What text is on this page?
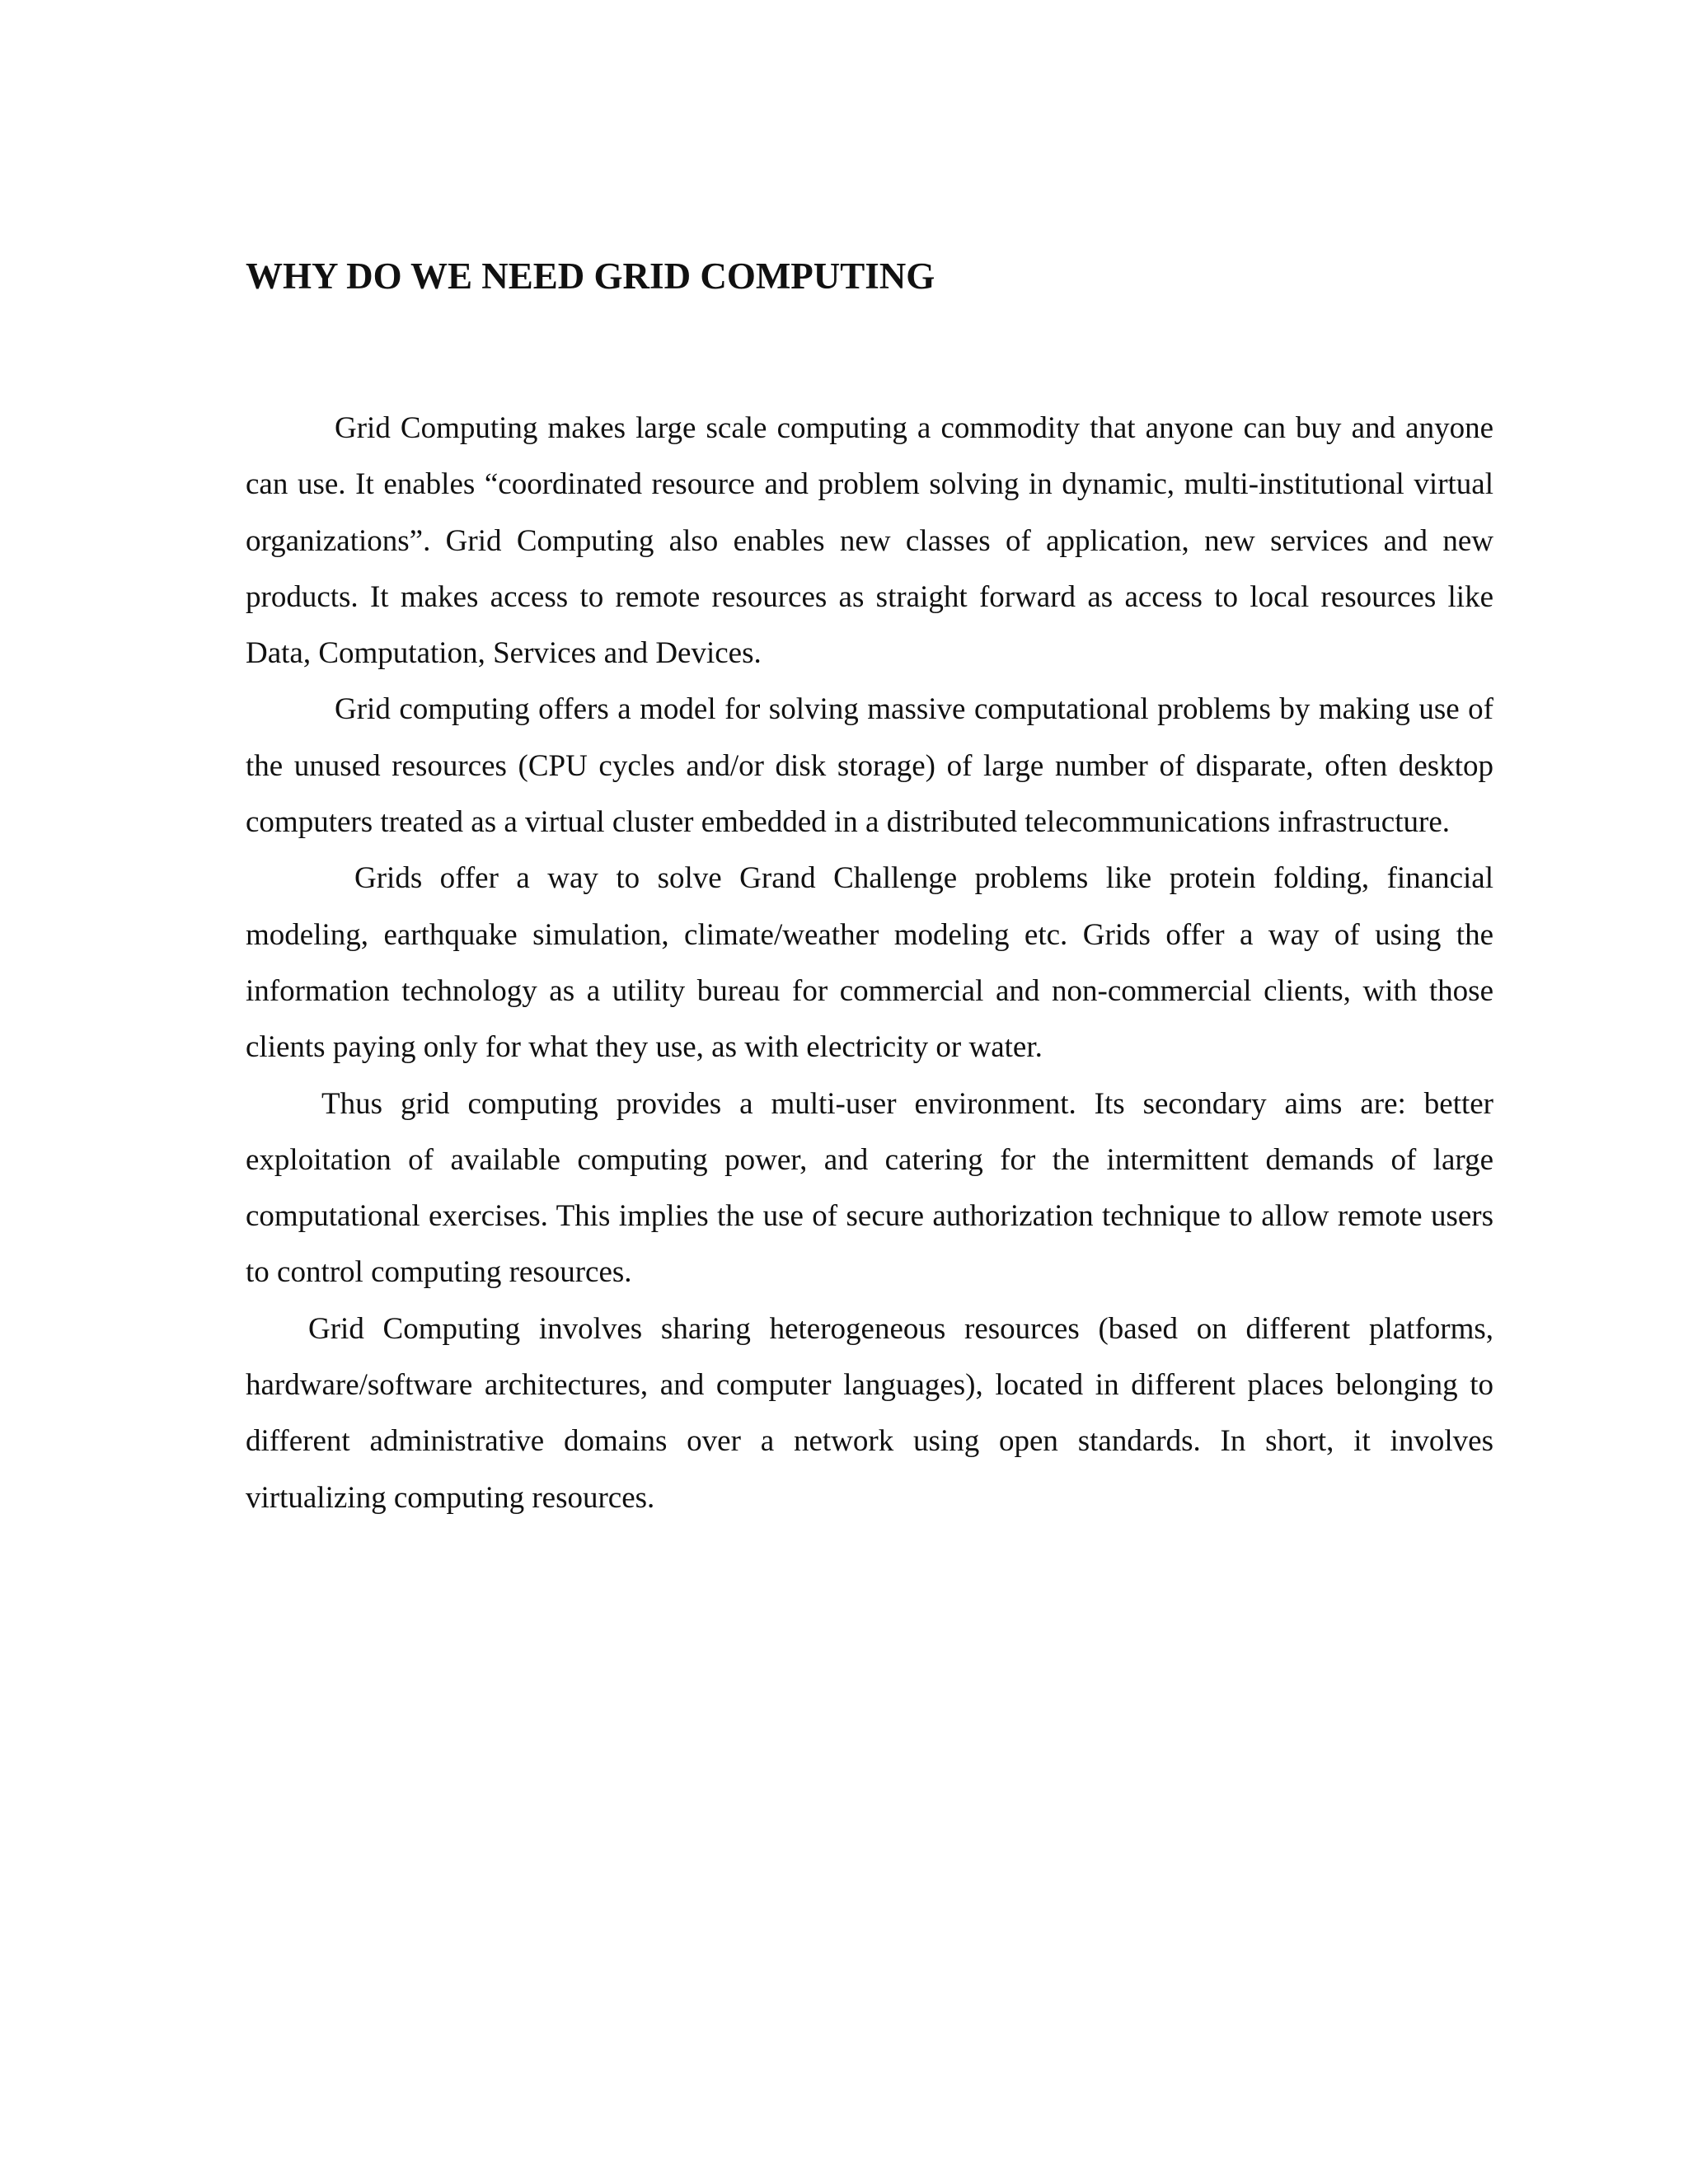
WHY DO WE NEED GRID COMPUTING

Grid Computing makes large scale computing a commodity that anyone can buy and anyone can use. It enables “coordinated resource and problem solving in dynamic, multi-institutional virtual organizations”. Grid Computing also enables new classes of application, new services and new products. It makes access to remote resources as straight forward as access to local resources like Data, Computation, Services and Devices.

Grid computing offers a model for solving massive computational problems by making use of the unused resources (CPU cycles and/or disk storage) of large number of disparate, often desktop computers treated as a virtual cluster embedded in a distributed telecommunications infrastructure.

Grids offer a way to solve Grand Challenge problems like protein folding, financial modeling, earthquake simulation, climate/weather modeling etc. Grids offer a way of using the information technology as a utility bureau for commercial and non-commercial clients, with those clients paying only for what they use, as with electricity or water.

Thus grid computing provides a multi-user environment. Its secondary aims are: better exploitation of available computing power, and catering for the intermittent demands of large computational exercises. This implies the use of secure authorization technique to allow remote users to control computing resources.

Grid Computing involves sharing heterogeneous resources (based on different platforms, hardware/software architectures, and computer languages), located in different places belonging to different administrative domains over a network using open standards. In short, it involves virtualizing computing resources.
